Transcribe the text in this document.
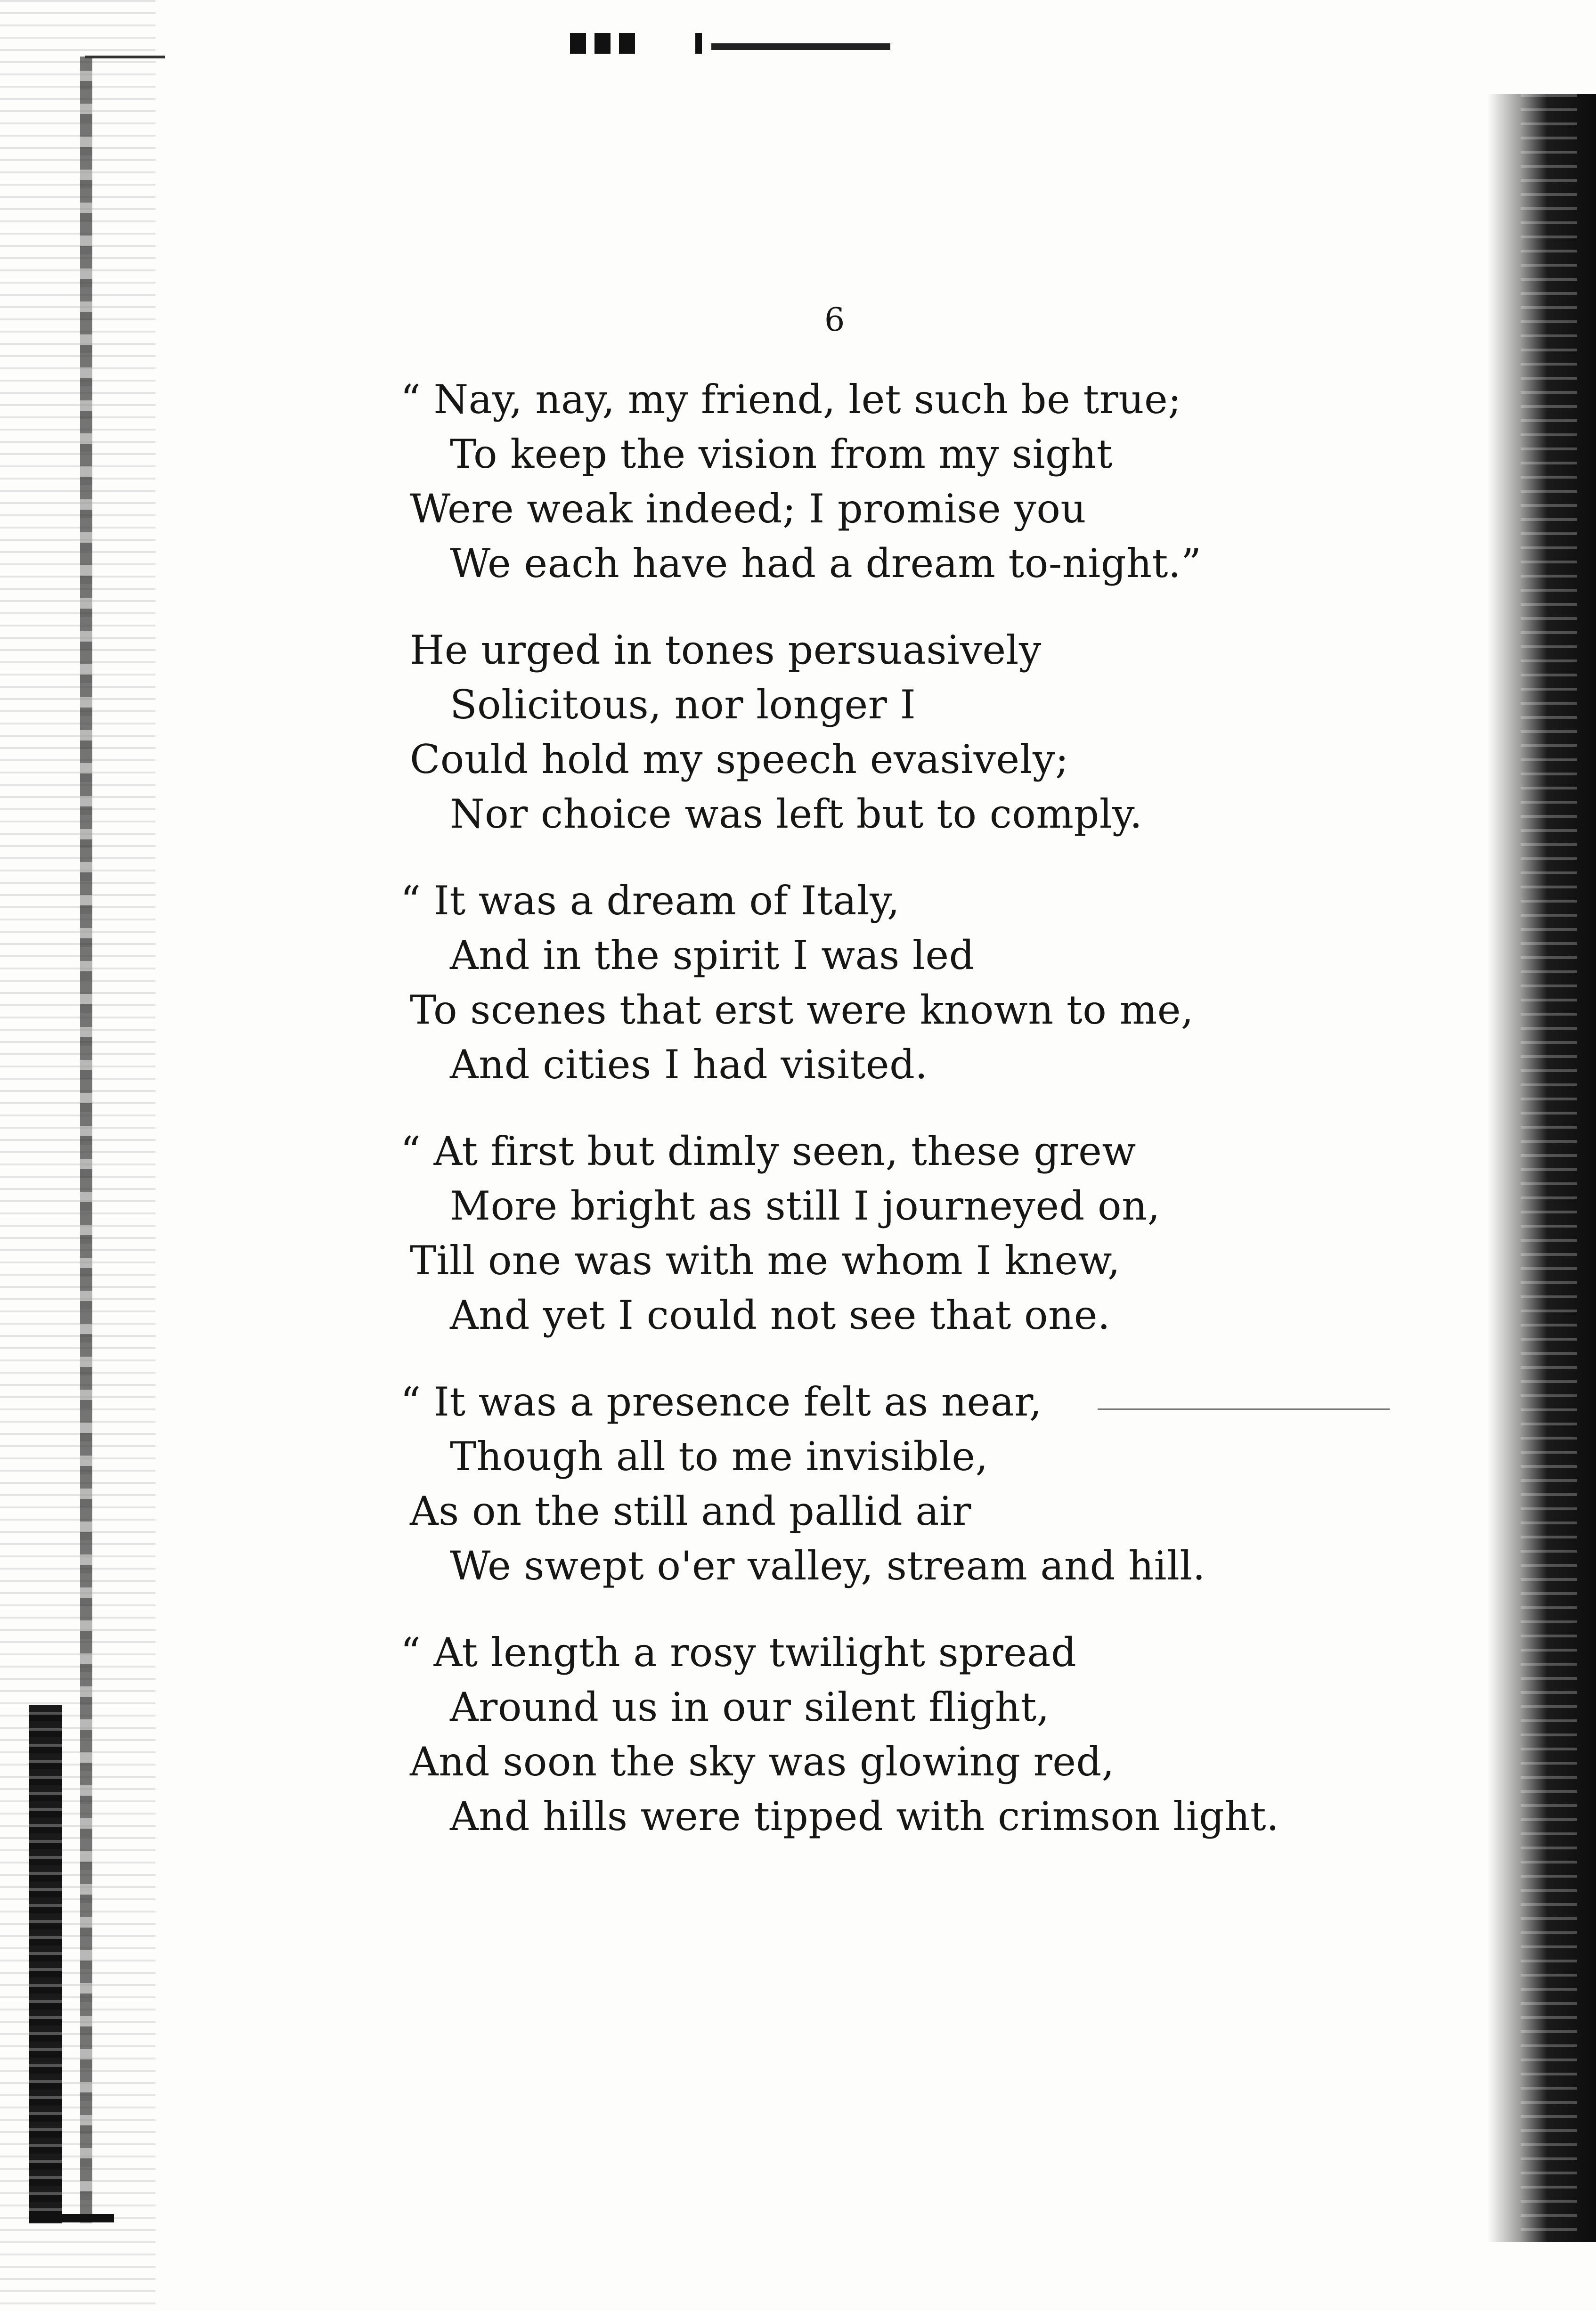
6

“ Nay, nay, my friend, let such be true;
To keep the vision from my sight
Were weak indeed; I promise you
We each have had a dream to-night.”
He urged in tones persuasively
Solicitous, nor longer I
Could hold my speech evasively;
Nor choice was left but to comply.
“ It was a dream of Italy,
And in the spirit I was led
To scenes that erst were known to me,
And cities I had visited.
“ At first but dimly seen, these grew
More bright as still I journeyed on,
Till one was with me whom I knew,
And yet I could not see that one.
“ It was a presence felt as near,
Though all to me invisible,
As on the still and pallid air
We swept o'er valley, stream and hill.
“ At length a rosy twilight spread
Around us in our silent flight,
And soon the sky was glowing red,
And hills were tipped with crimson light.
